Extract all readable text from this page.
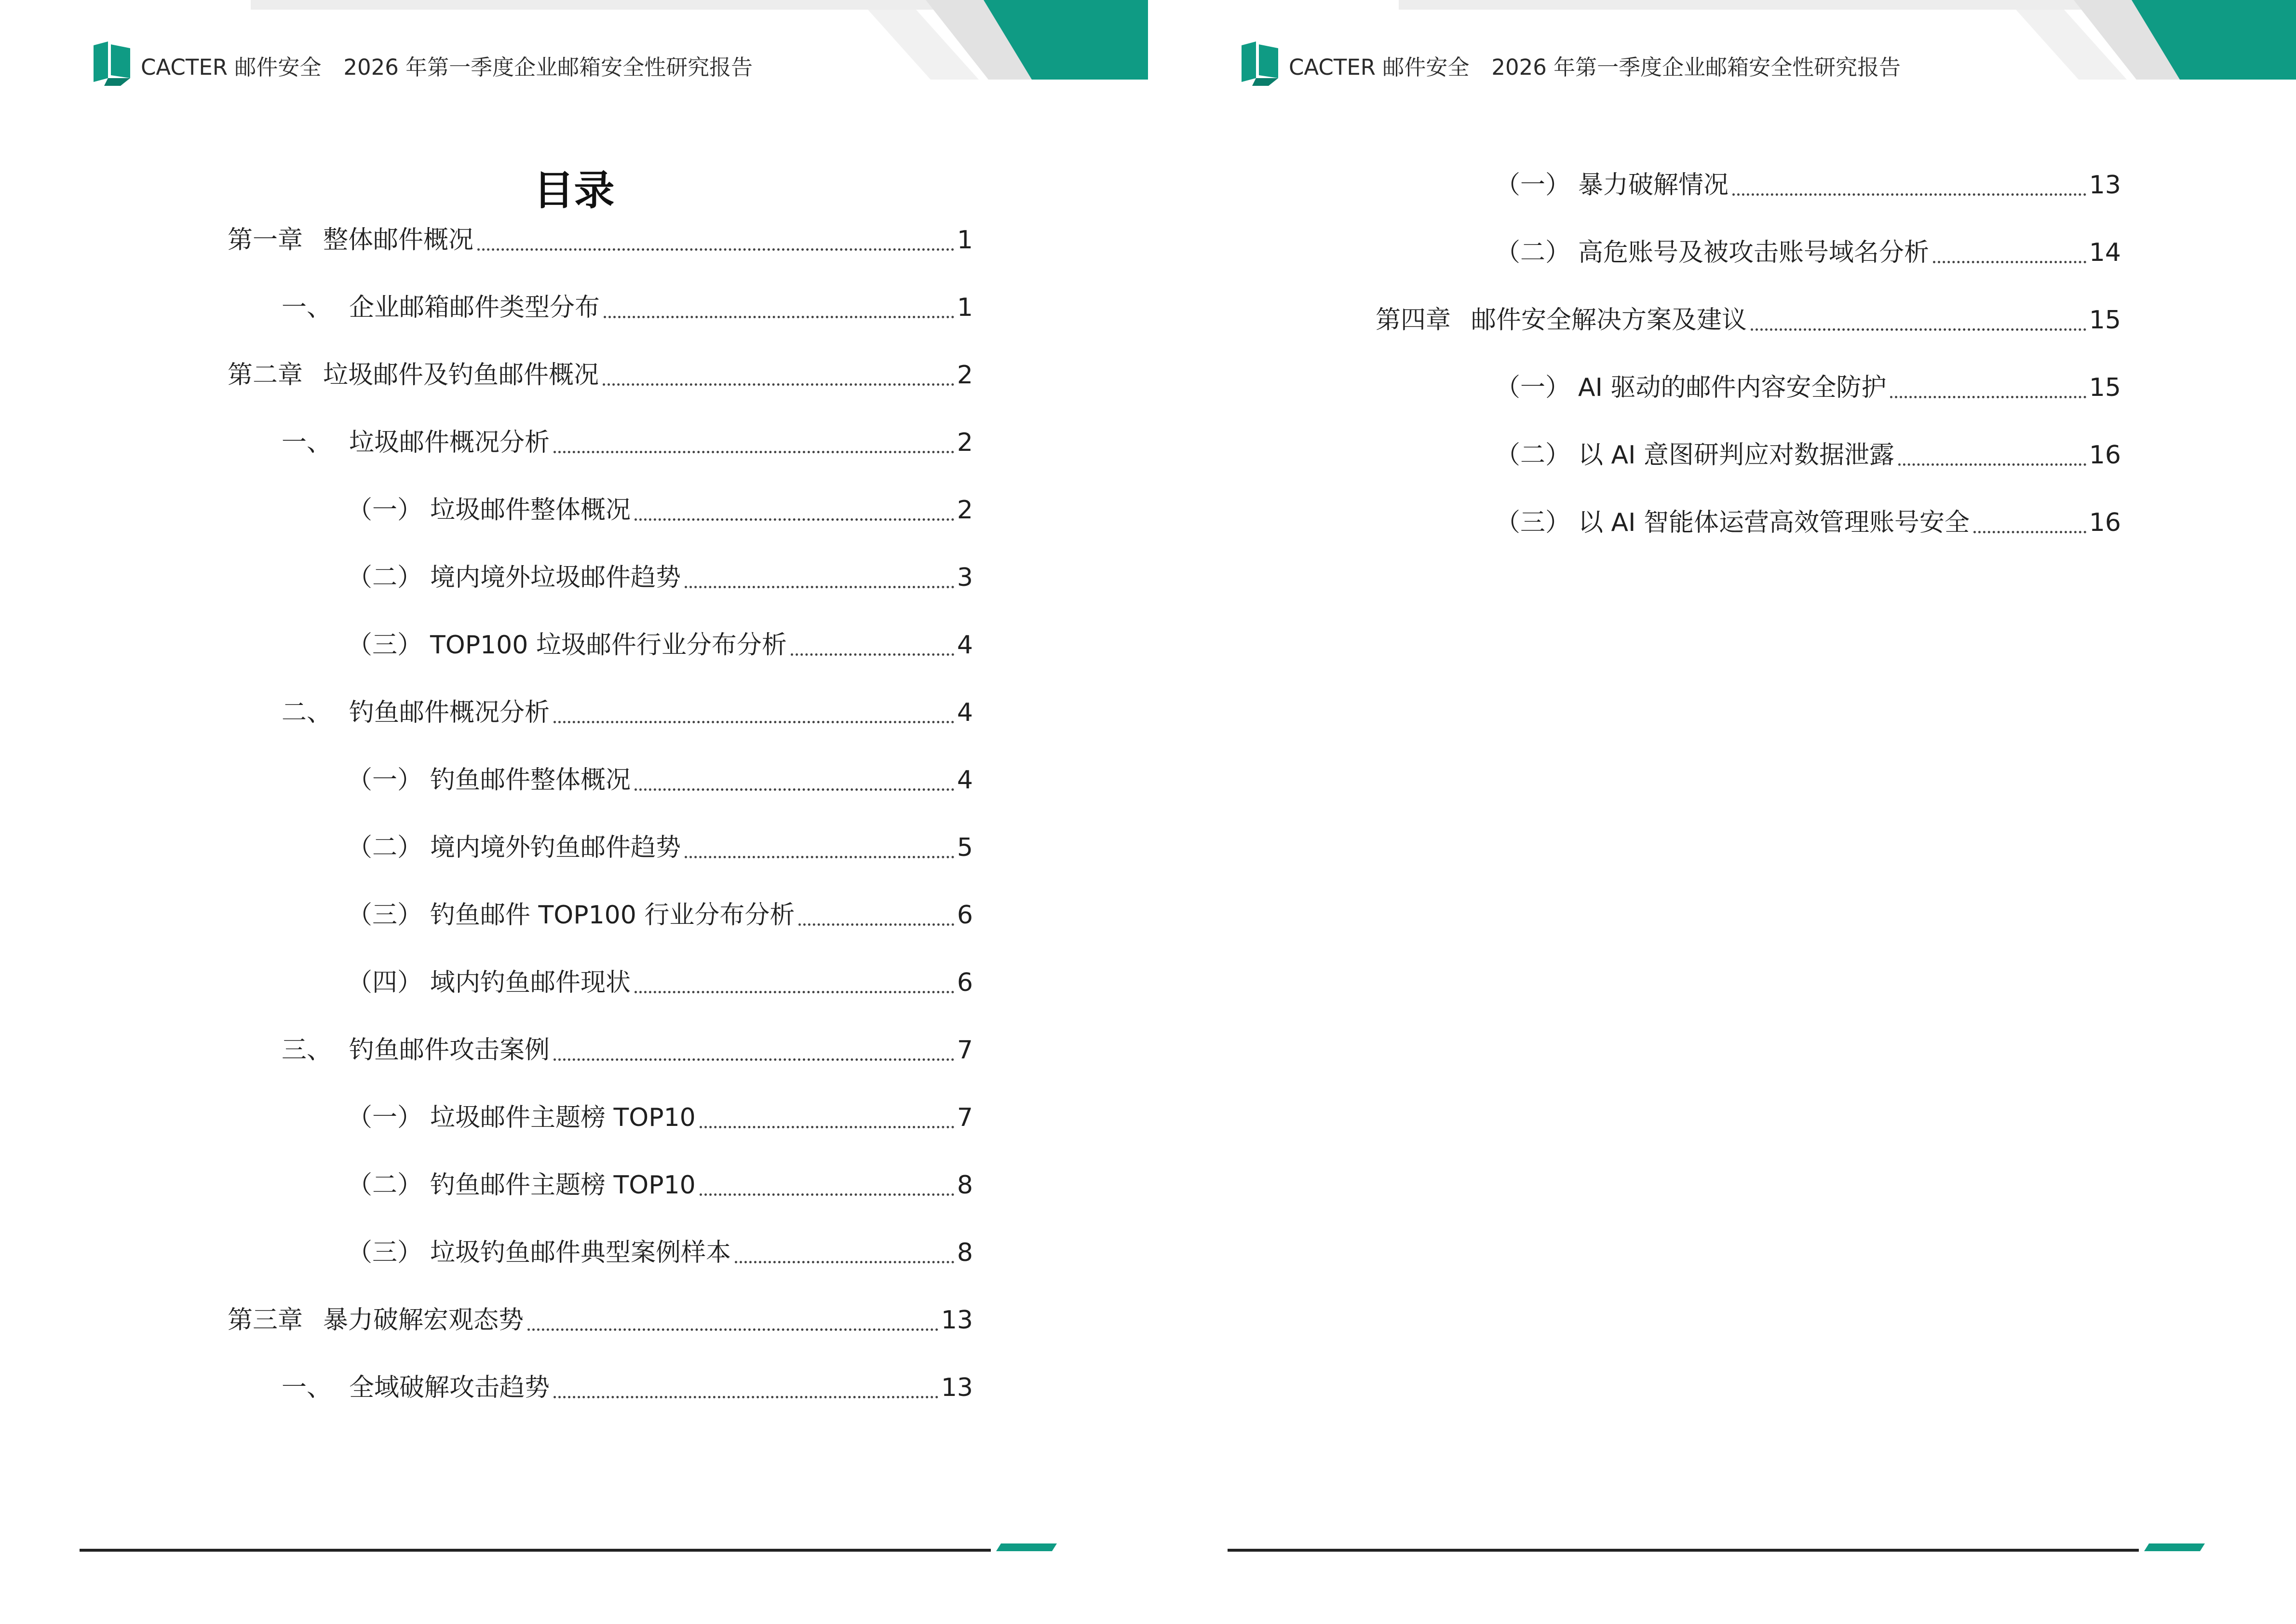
CACTER 邮件安全 2026 年第一季度企业邮箱安全性研究报告
目录
第一章 整体邮件概况	1
一、 企业邮箱邮件类型分布	1
第二章 垃圾邮件及钓鱼邮件概况	2
一、 垃圾邮件概况分析	2
（一） 垃圾邮件整体概况	2
（二） 境内境外垃圾邮件趋势	3
（三） TOP100 垃圾邮件行业分布分析	4
二、 钓鱼邮件概况分析	4
（一） 钓鱼邮件整体概况	4
（二） 境内境外钓鱼邮件趋势	5
（三） 钓鱼邮件 TOP100 行业分布分析	6
（四） 域内钓鱼邮件现状	6
三、 钓鱼邮件攻击案例	7
（一） 垃圾邮件主题榜 TOP10	7
（二） 钓鱼邮件主题榜 TOP10	8
（三） 垃圾钓鱼邮件典型案例样本	8
第三章 暴力破解宏观态势	13
一、 全域破解攻击趋势	13
CACTER 邮件安全 2026 年第一季度企业邮箱安全性研究报告
（一） 暴力破解情况	13
（二） 高危账号及被攻击账号域名分析	14
第四章 邮件安全解决方案及建议	15
（一） AI 驱动的邮件内容安全防护	15
（二） 以 AI 意图研判应对数据泄露	16
（三） 以 AI 智能体运营高效管理账号安全	16
